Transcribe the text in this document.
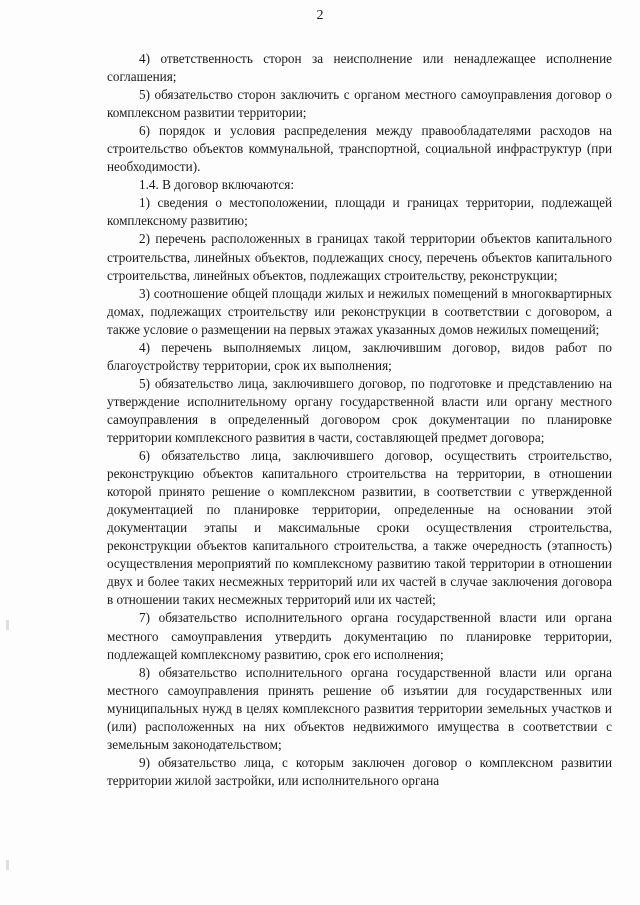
2

4) ответственность сторон за неисполнение или ненадлежащее исполнение соглашения;

5) обязательство сторон заключить с органом местного самоуправления договор о комплексном развитии территории;

6) порядок и условия распределения между правообладателями расходов на строительство объектов коммунальной, транспортной, социальной инфраструктур (при необходимости).

1.4. В договор включаются:

1) сведения о местоположении, площади и границах территории, подлежащей комплексному развитию;

2) перечень расположенных в границах такой территории объектов капитального строительства, линейных объектов, подлежащих сносу, перечень объектов капитального строительства, линейных объектов, подлежащих строительству, реконструкции;

3) соотношение общей площади жилых и нежилых помещений в многоквартирных домах, подлежащих строительству или реконструкции в соответствии с договором, а также условие о размещении на первых этажах указанных домов нежилых помещений;

4) перечень выполняемых лицом, заключившим договор, видов работ по благоустройству территории, срок их выполнения;

5) обязательство лица, заключившего договор, по подготовке и представлению на утверждение исполнительному органу государственной власти или органу местного самоуправления в определенный договором срок документации по планировке территории комплексного развития в части, составляющей предмет договора;

6) обязательство лица, заключившего договор, осуществить строительство, реконструкцию объектов капитального строительства на территории, в отношении которой принято решение о комплексном развитии, в соответствии с утвержденной документацией по планировке территории, определенные на основании этой документации этапы и максимальные сроки осуществления строительства, реконструкции объектов капитального строительства, а также очередность (этапность) осуществления мероприятий по комплексному развитию такой территории в отношении двух и более таких несмежных территорий или их частей в случае заключения договора в отношении таких несмежных территорий или их частей;

7) обязательство исполнительного органа государственной власти или органа местного самоуправления утвердить документацию по планировке территории, подлежащей комплексному развитию, срок его исполнения;

8) обязательство исполнительного органа государственной власти или органа местного самоуправления принять решение об изъятии для государственных или муниципальных нужд в целях комплексного развития территории земельных участков и (или) расположенных на них объектов недвижимого имущества в соответствии с земельным законодательством;

9) обязательство лица, с которым заключен договор о комплексном развитии территории жилой застройки, или исполнительного органа
